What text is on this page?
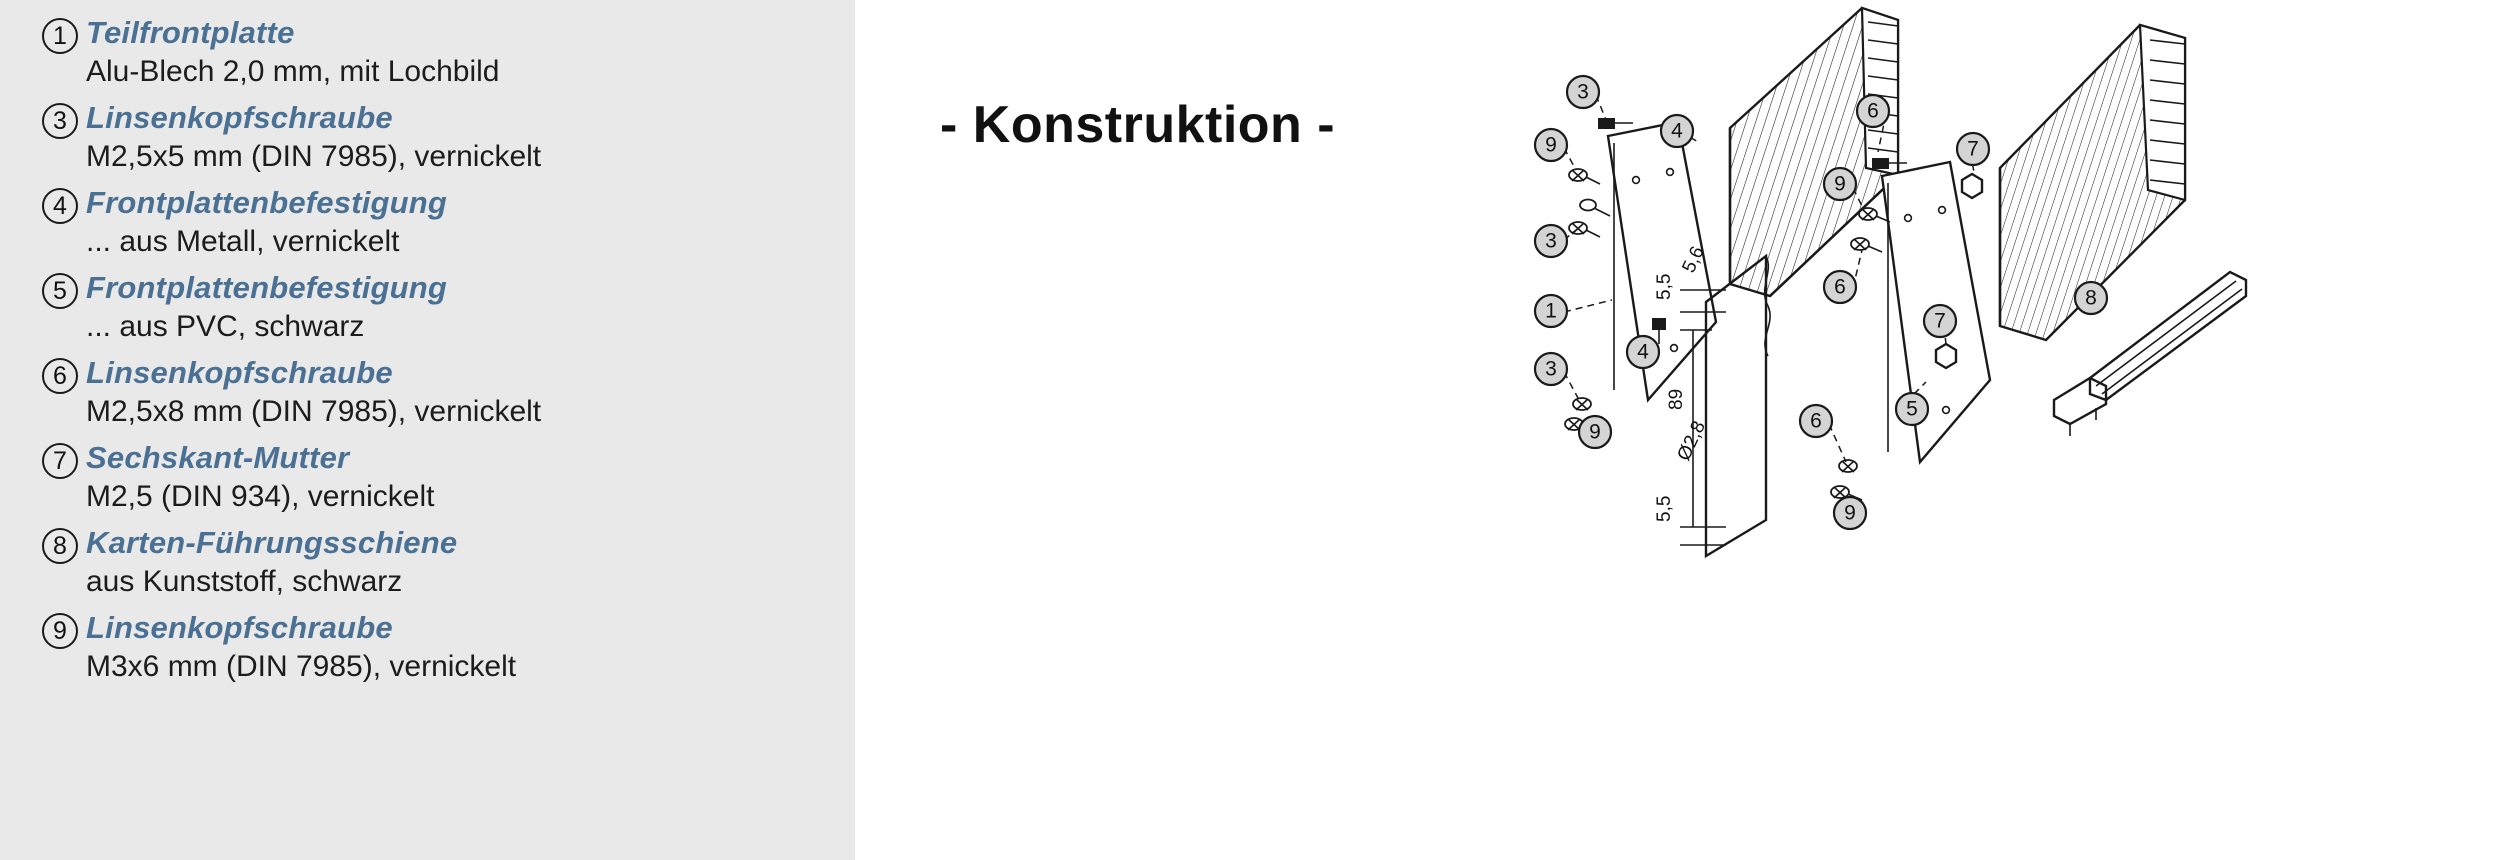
1 Teilfrontplatte
Alu-Blech 2,0 mm, mit Lochbild
3 Linsenkopfschraube
M2,5x5 mm (DIN 7985), vernickelt
4 Frontplattenbefestigung
... aus Metall, vernickelt
5 Frontplattenbefestigung
... aus PVC, schwarz
6 Linsenkopfschraube
M2,5x8 mm (DIN 7985), vernickelt
7 Sechskant-Mutter
M2,5 (DIN 934), vernickelt
8 Karten-Führungsschiene
aus Kunststoff, schwarz
9 Linsenkopfschraube
M3x6 mm (DIN 7985), vernickelt
- Konstruktion -
3
4
9
3
1
3
4
9
5,6
5,5
89
Ø2,8
5,5
6
7
9
6
7
8
5
6
9
